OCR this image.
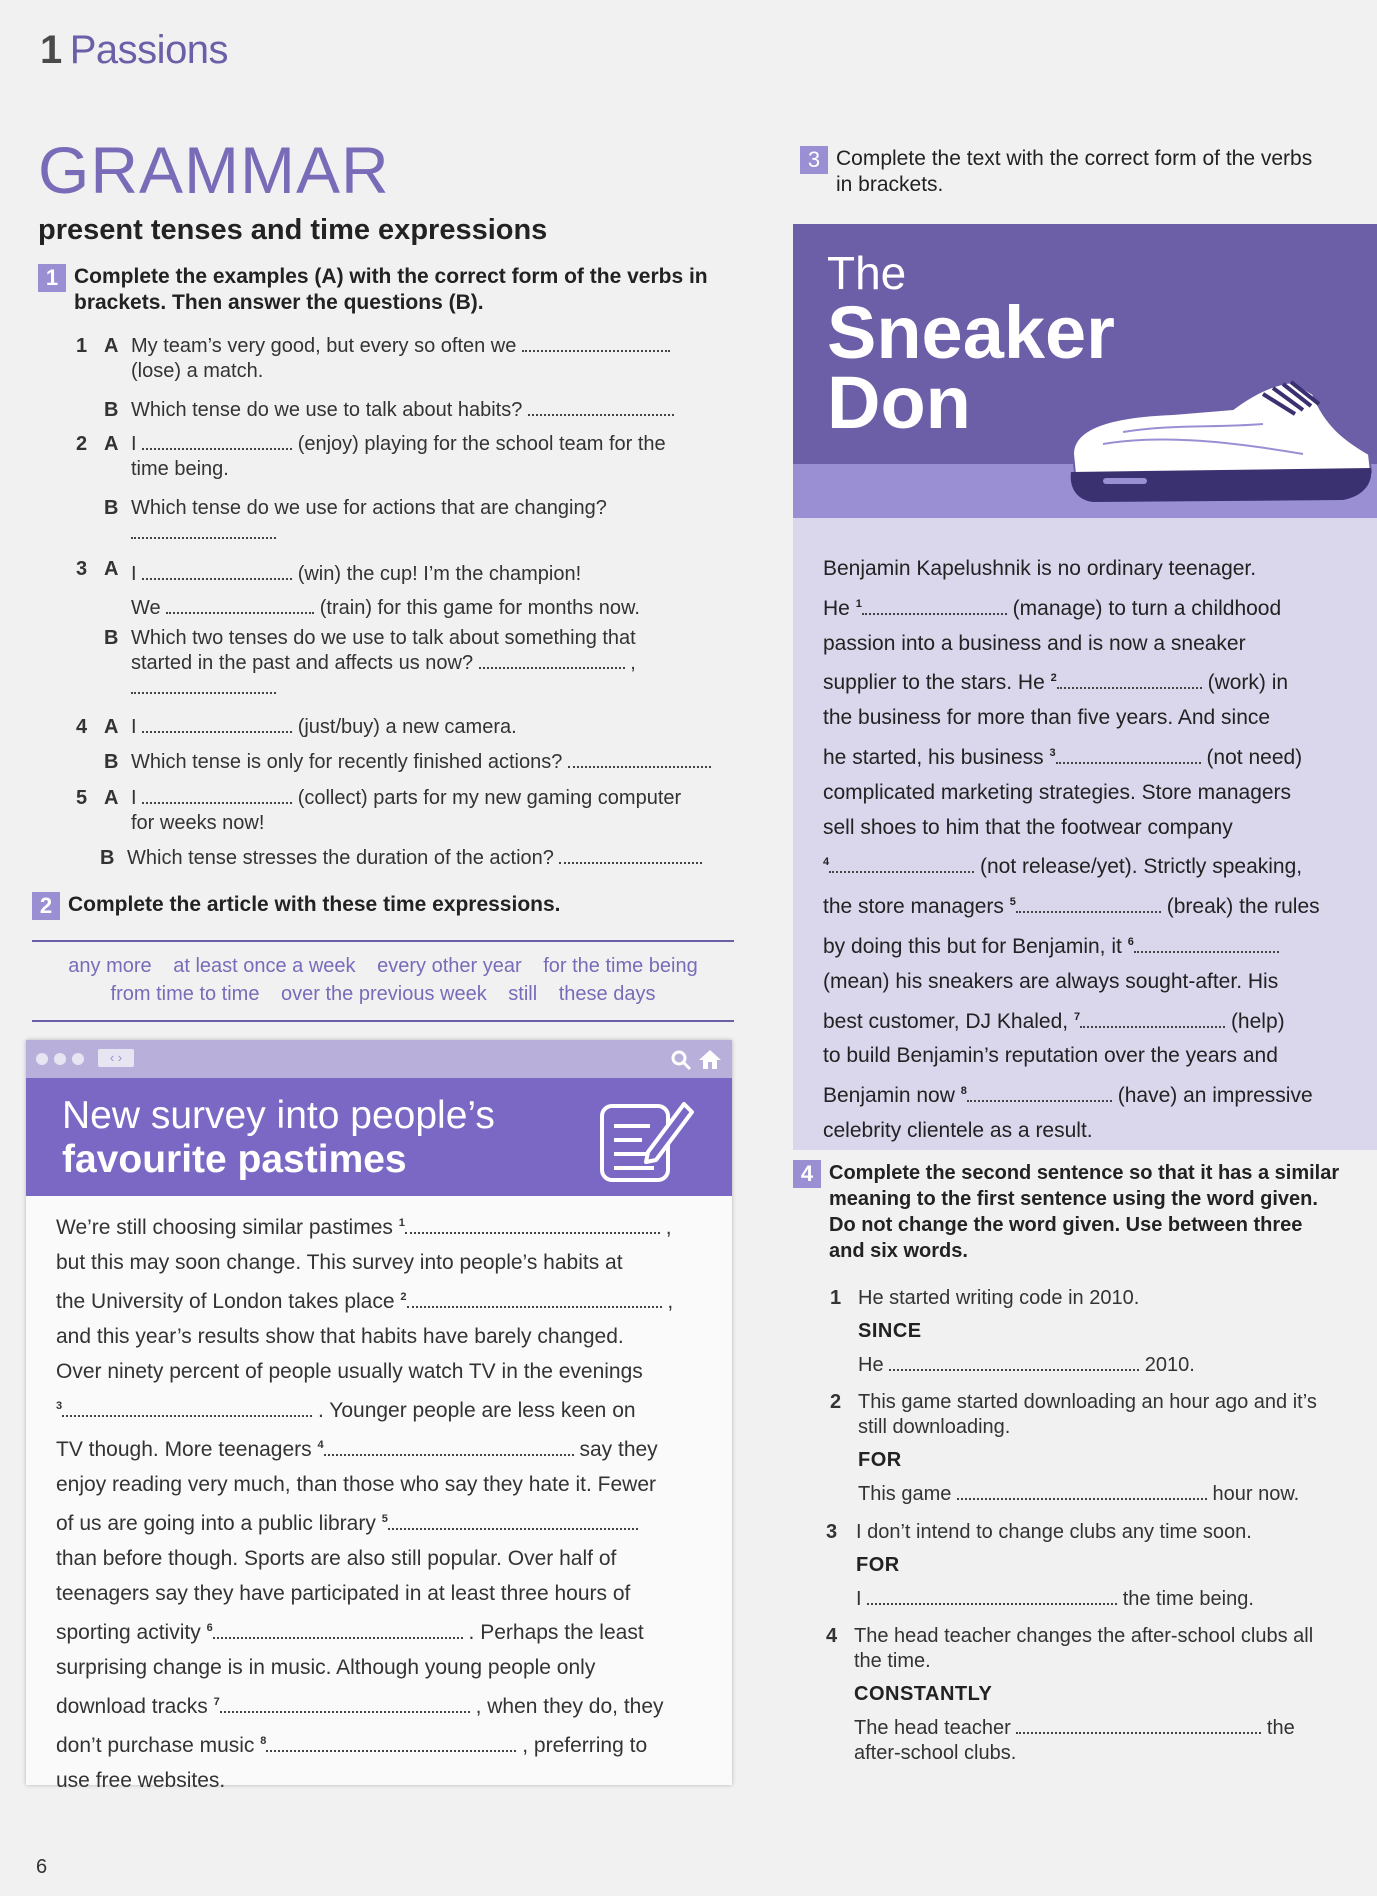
1 Passions
GRAMMAR
present tenses and time expressions
1 Complete the examples (A) with the correct form of the verbs in
brackets. Then answer the questions (B).
1 A My team’s very good, but every so often we
(lose) a match.
B Which tense do we use to talk about habits?
2 A I	(enjoy) playing for the school team for the
time being.
B Which tense do we use for actions that are changing?

3 A I	(win) the cup! I’m the champion!
We	(train) for this game for months now.
B Which two tenses do we use to talk about something that
started in the past and affects us now?	,

4 A I	(just/buy) a new camera.
B Which tense is only for recently finished actions?
5 A I	(collect) parts for my new gaming computer
for weeks now!
B Which tense stresses the duration of the action?
2 Complete the article with these time expressions.
any more at least once a week every other year for the time being
from time to time over the previous week still these days
‹ ›
New survey into people’s
favourite pastimes
We’re still choosing similar pastimes $^1$	,
but this may soon change. This survey into people’s habits at
the University of London takes place $^2$	,
and this year’s results show that habits have barely changed.
Over ninety percent of people usually watch TV in the evenings
$^3$	. Younger people are less keen on
TV though. More teenagers $^4$	say they
enjoy reading very much, than those who say they hate it. Fewer
of us are going into a public library $^5$
than before though. Sports are also still popular. Over half of
teenagers say they have participated in at least three hours of
sporting activity $^6$	. Perhaps the least
surprising change is in music. Although young people only
download tracks $^7$	, when they do, they
don’t purchase music $^8$	, preferring to
use free websites.
3 Complete the text with the correct form of the verbs
in brackets.
The
Sneaker
Don
Benjamin Kapelushnik is no ordinary teenager.
He $^1$	(manage) to turn a childhood
passion into a business and is now a sneaker
supplier to the stars. He $^2$	(work) in
the business for more than five years. And since
he started, his business $^3$	(not need)
complicated marketing strategies. Store managers
sell shoes to him that the footwear company
$^4$	(not release/yet). Strictly speaking,
the store managers $^5$	(break) the rules
by doing this but for Benjamin, it $^6$
(mean) his sneakers are always sought-after. His
best customer, DJ Khaled, $^7$	(help)
to build Benjamin’s reputation over the years and
Benjamin now $^8$	(have) an impressive
celebrity clientele as a result.
4 Complete the second sentence so that it has a similar
meaning to the first sentence using the word given.
Do not change the word given. Use between three
and six words.
1 He started writing code in 2010.
SINCE
He	2010.
2 This game started downloading an hour ago and it’s
still downloading.
FOR
This game	hour now.
3 I don’t intend to change clubs any time soon.
FOR
I	the time being.
4 The head teacher changes the after-school clubs all
the time.
CONSTANTLY
The head teacher	the
after-school clubs.
6
